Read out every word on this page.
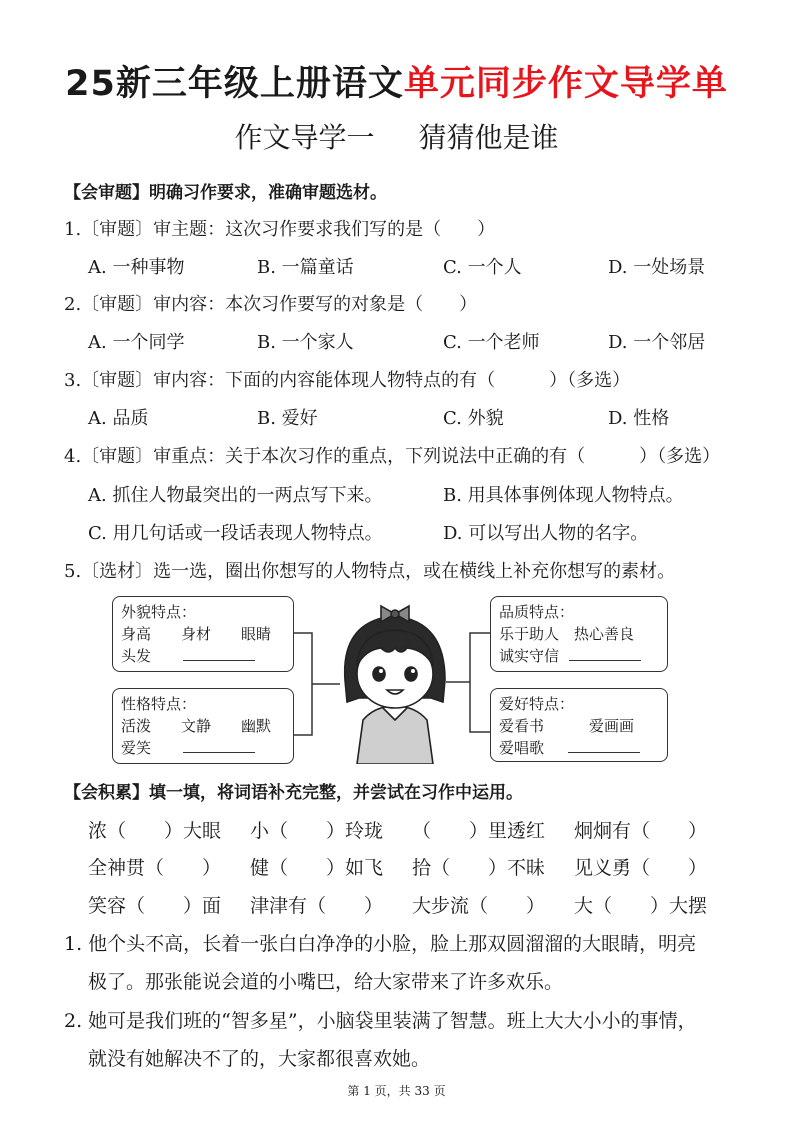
25新三年级上册语文单元同步作文导学单
作文导学一 猜猜他是谁
【会审题】明确习作要求，准确审题选材。
1.〔审题〕审主题：这次习作要求我们写的是（　　）
A. 一种事物	B. 一篇童话	C. 一个人	D. 一处场景
2.〔审题〕审内容：本次习作要写的对象是（　　）
A. 一个同学	B. 一个家人	C. 一个老师	D. 一个邻居
3.〔审题〕审内容：下面的内容能体现人物特点的有（　　　）（多选）
A. 品质	B. 爱好	C. 外貌	D. 性格
4.〔审题〕审重点：关于本次习作的重点，下列说法中正确的有（　　　）（多选）
A. 抓住人物最突出的一两点写下来。	B. 用具体事例体现人物特点。
C. 用几句话或一段话表现人物特点。	D. 可以写出人物的名字。
5.〔选材〕选一选，圈出你想写的人物特点，或在横线上补充你想写的素材。
外貌特点：
身高　　身材　　眼睛
头发
性格特点：
活泼　　文静　　幽默
爱笑
品质特点：
乐于助人　热心善良
诚实守信
爱好特点：
爱看书　　　爱画画
爱唱歌
【会积累】填一填，将词语补充完整，并尝试在习作中运用。
浓（　　）大眼 小（　　）玲珑 （　　）里透红 炯炯有（　　）
全神贯（　　） 健（　　）如飞 拾（　　）不昧 见义勇（　　）
笑容（　　）面 津津有（　　） 大步流（　　） 大（　　）大摆
1. 他个头不高，长着一张白白净净的小脸，脸上那双圆溜溜的大眼睛，明亮
极了。那张能说会道的小嘴巴，给大家带来了许多欢乐。
2. 她可是我们班的“智多星”，小脑袋里装满了智慧。班上大大小小的事情，
就没有她解决不了的，大家都很喜欢她。
第 1 页，共 33 页
